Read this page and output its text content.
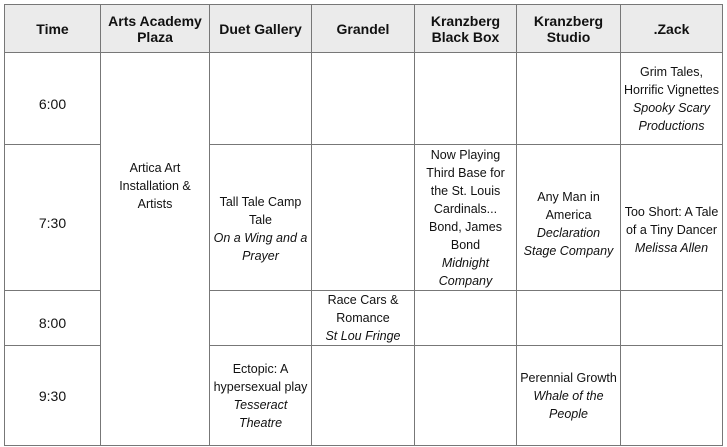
Time	Arts Academy Plaza	Duet Gallery	Grandel	Kranzberg Black Box	Kranzberg Studio	.Zack
6:00	Artica Art Installation & Artists					Grim Tales, Horrific Vignettes
Spooky Scary Productions

7:30		Tall Tale Camp Tale
On a Wing and a Prayer		Now Playing Third Base for the St. Louis Cardinals... Bond, James Bond
Midnight Company	Any Man in America
Declaration Stage Company	Too Short: A Tale of a Tiny Dancer
Melissa Allen

8:00			Race Cars & Romance
St Lou Fringe			

9:30		Ectopic: A hypersexual play
Tesseract Theatre			Perennial Growth
Whale of the People	
